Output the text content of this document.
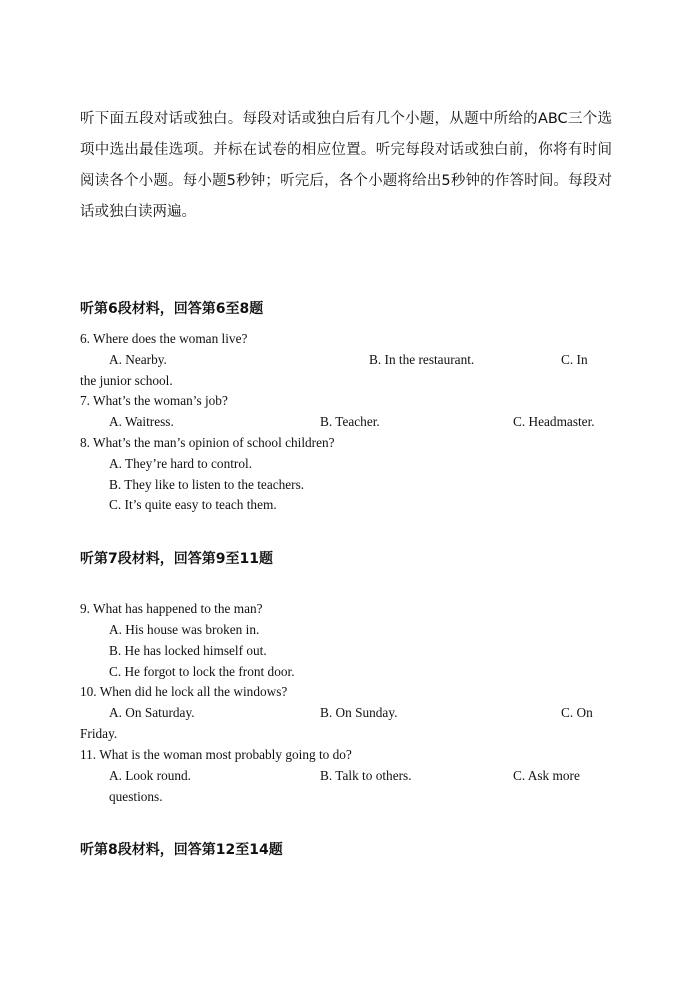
听下面五段对话或独白。每段对话或独白后有几个小题，从题中所给的ABC三个选项中选出最佳选项。并标在试卷的相应位置。听完每段对话或独白前，你将有时间阅读各个小题。每小题5秒钟；听完后，各个小题将给出5秒钟的作答时间。每段对话或独白读两遍。
听第6段材料，回答第6至8题
6. Where does the woman live?
A. Nearby.	B. In the restaurant.	C. In
the junior school.
7. What’s the woman’s job?
A. Waitress.	B. Teacher.	C. Headmaster.
8. What’s the man’s opinion of school children?
A. They’re hard to control.
B. They like to listen to the teachers.
C. It’s quite easy to teach them.
听第7段材料，回答第9至11题
9. What has happened to the man?
A. His house was broken in.
B. He has locked himself out.
C. He forgot to lock the front door.
10. When did he lock all the windows?
A. On Saturday.	B. On Sunday.	C. On
Friday.
11. What is the woman most probably going to do?
A. Look round.	B. Talk to others.	C. Ask more
questions.
听第8段材料，回答第12至14题
